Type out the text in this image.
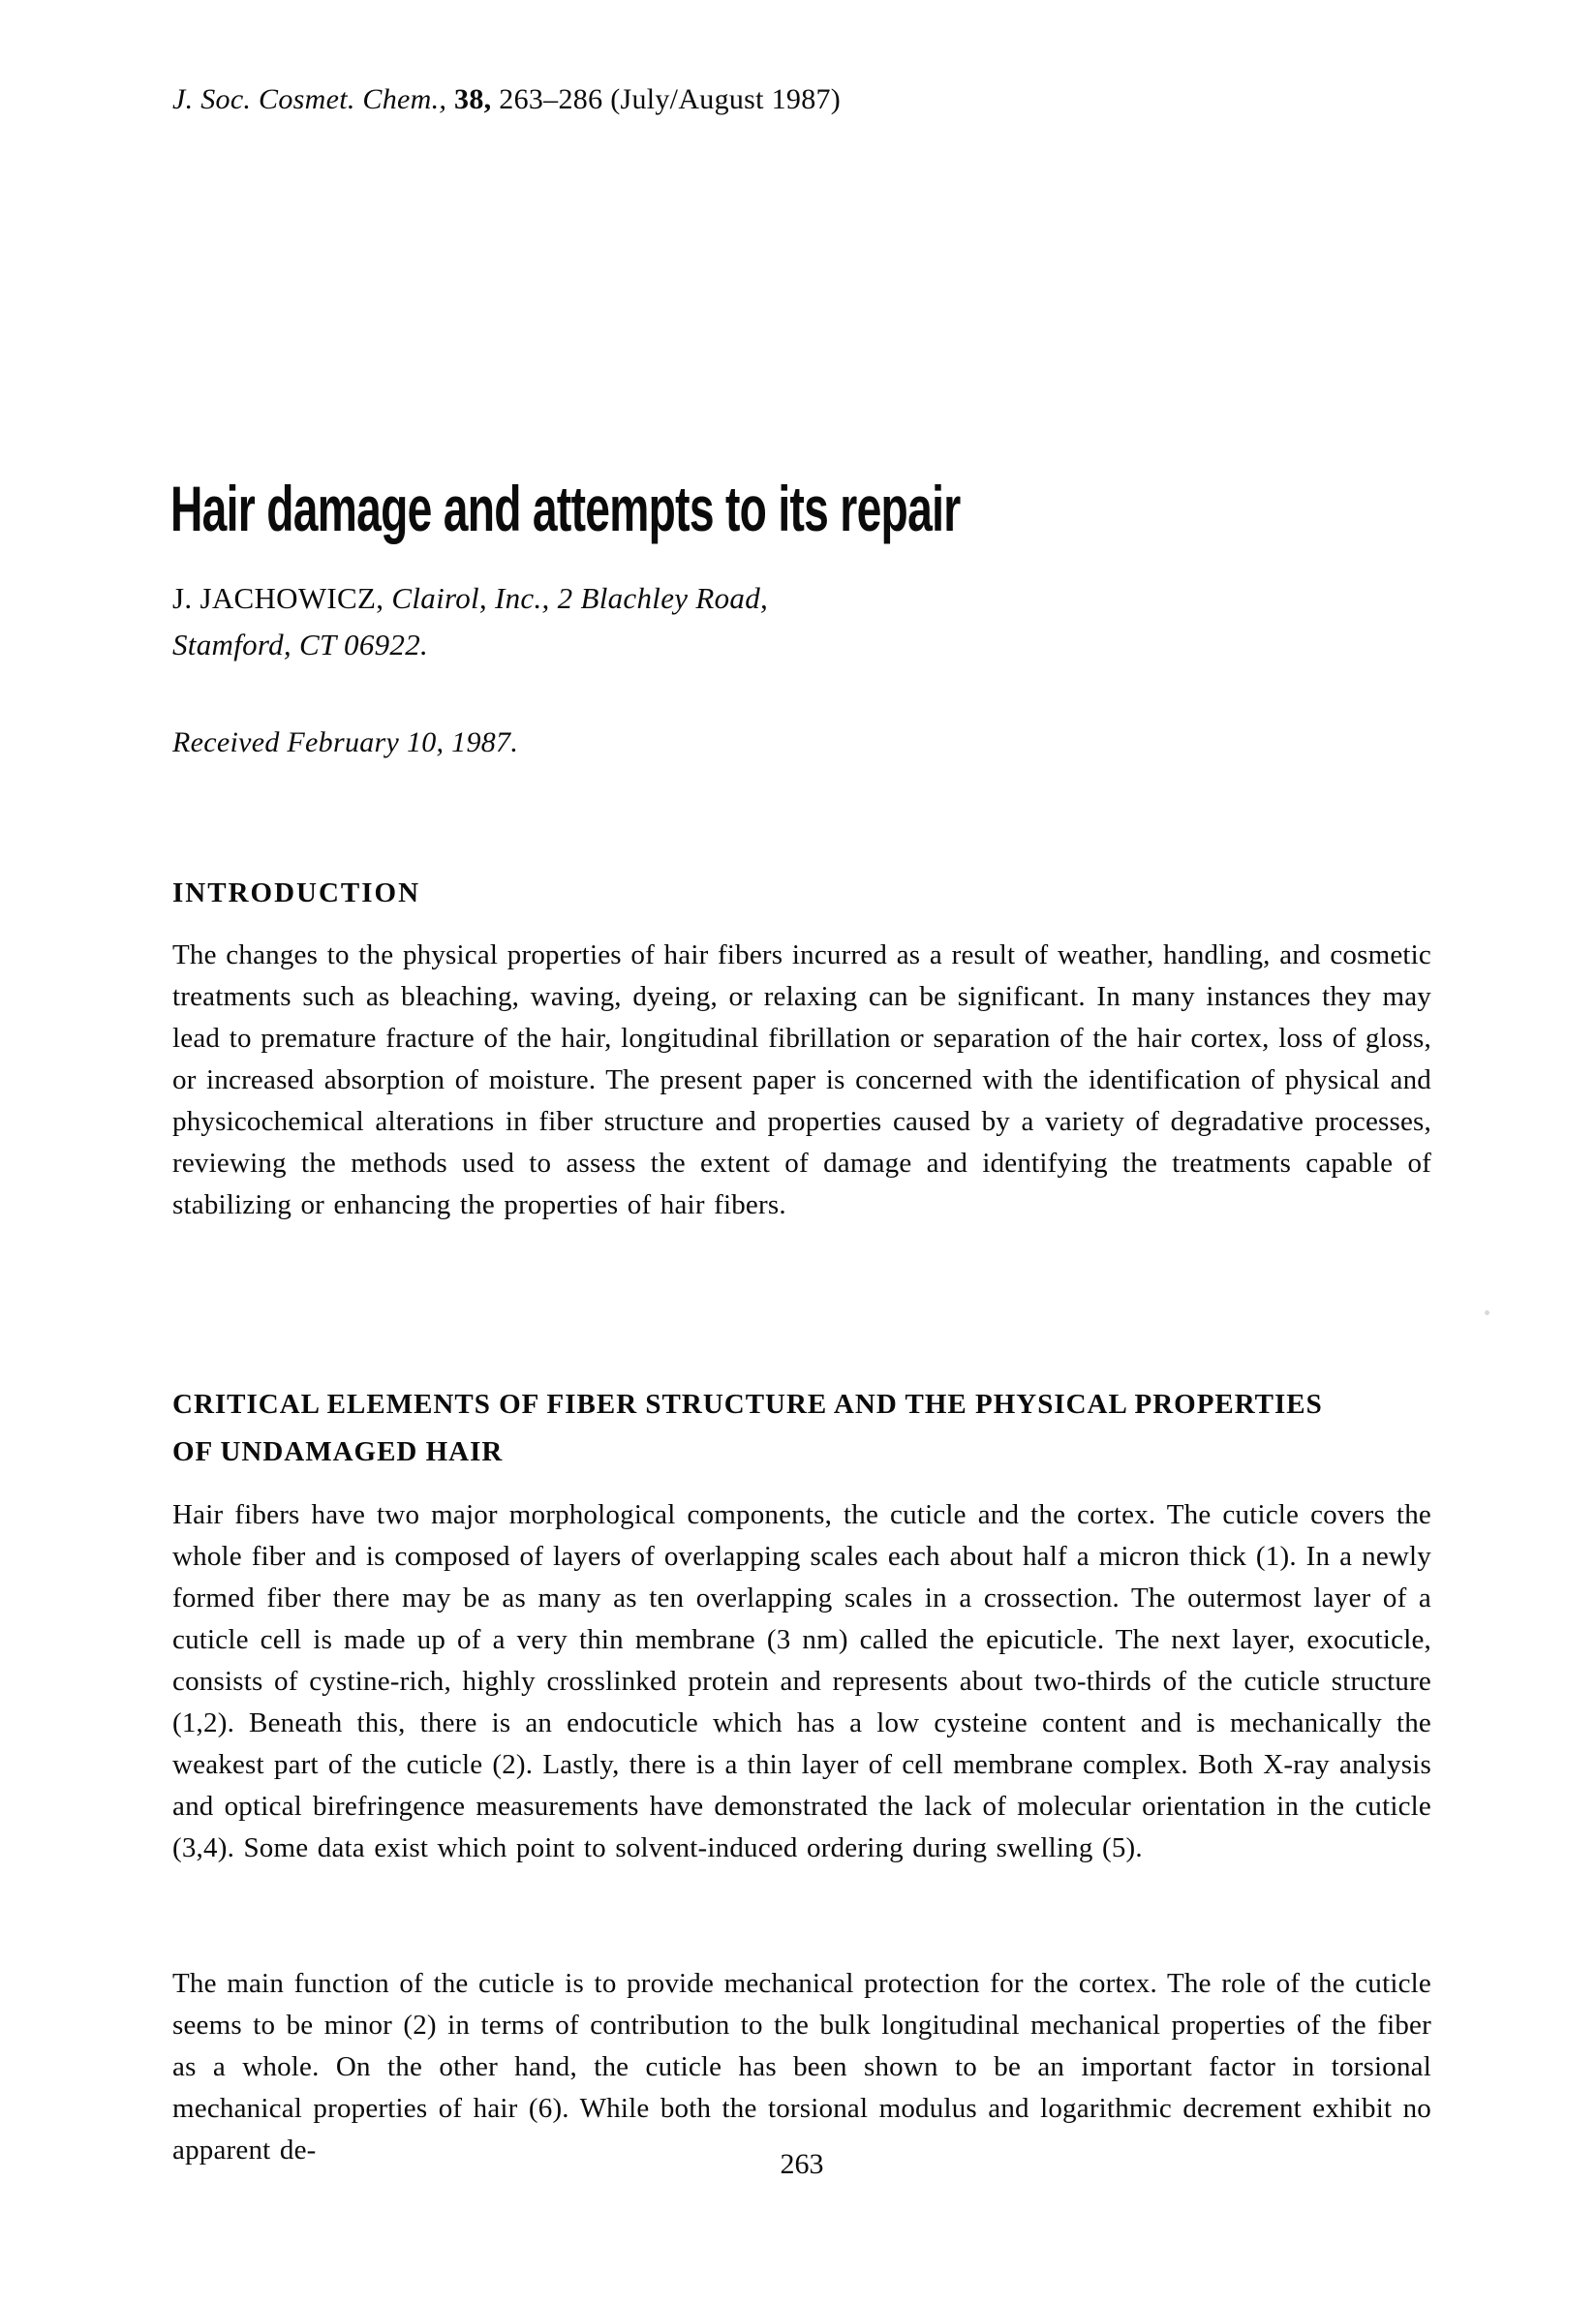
J. Soc. Cosmet. Chem., 38, 263–286 (July/August 1987)
Hair damage and attempts to its repair
J. JACHOWICZ, Clairol, Inc., 2 Blachley Road, Stamford, CT 06922.
Received February 10, 1987.
INTRODUCTION

The changes to the physical properties of hair fibers incurred as a result of weather, handling, and cosmetic treatments such as bleaching, waving, dyeing, or relaxing can be significant. In many instances they may lead to premature fracture of the hair, longitudinal fibrillation or separation of the hair cortex, loss of gloss, or increased absorption of moisture. The present paper is concerned with the identification of physical and physicochemical alterations in fiber structure and properties caused by a variety of degradative processes, reviewing the methods used to assess the extent of damage and identifying the treatments capable of stabilizing or enhancing the properties of hair fibers.

CRITICAL ELEMENTS OF FIBER STRUCTURE AND THE PHYSICAL PROPERTIES
OF UNDAMAGED HAIR

Hair fibers have two major morphological components, the cuticle and the cortex. The cuticle covers the whole fiber and is composed of layers of overlapping scales each about half a micron thick (1). In a newly formed fiber there may be as many as ten overlapping scales in a crossection. The outermost layer of a cuticle cell is made up of a very thin membrane (3 nm) called the epicuticle. The next layer, exocuticle, consists of cystine-rich, highly crosslinked protein and represents about two-thirds of the cuticle structure (1,2). Beneath this, there is an endocuticle which has a low cysteine content and is mechanically the weakest part of the cuticle (2). Lastly, there is a thin layer of cell membrane complex. Both X-ray analysis and optical birefringence measurements have demonstrated the lack of molecular orientation in the cuticle (3,4). Some data exist which point to solvent-induced ordering during swelling (5).

The main function of the cuticle is to provide mechanical protection for the cortex. The role of the cuticle seems to be minor (2) in terms of contribution to the bulk longitudinal mechanical properties of the fiber as a whole. On the other hand, the cuticle has been shown to be an important factor in torsional mechanical properties of hair (6). While both the torsional modulus and logarithmic decrement exhibit no apparent de-	263
